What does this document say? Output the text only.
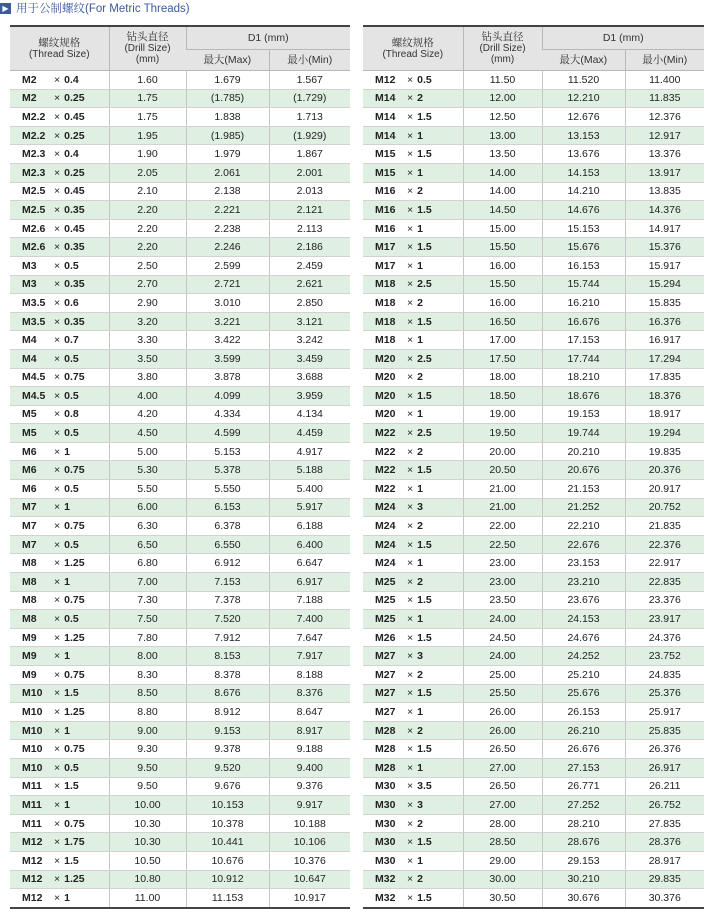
▶ 用于公制螺纹(For Metric Threads)
螺纹规格
(Thread Size)	钻头直径
(Drill Size)
(mm)	D1 (mm)	
		最大(Max)	最小(Min)
M2 × 0.4	1.60	1.679	1.567
M2 × 0.25	1.75	(1.785)	(1.729)
M2.2 × 0.45	1.75	1.838	1.713
M2.2 × 0.25	1.95	(1.985)	(1.929)
M2.3 × 0.4	1.90	1.979	1.867
M2.3 × 0.25	2.05	2.061	2.001
M2.5 × 0.45	2.10	2.138	2.013
M2.5 × 0.35	2.20	2.221	2.121
M2.6 × 0.45	2.20	2.238	2.113
M2.6 × 0.35	2.20	2.246	2.186
M3 × 0.5	2.50	2.599	2.459
M3 × 0.35	2.70	2.721	2.621
M3.5 × 0.6	2.90	3.010	2.850
M3.5 × 0.35	3.20	3.221	3.121
M4 × 0.7	3.30	3.422	3.242
M4 × 0.5	3.50	3.599	3.459
M4.5 × 0.75	3.80	3.878	3.688
M4.5 × 0.5	4.00	4.099	3.959
M5 × 0.8	4.20	4.334	4.134
M5 × 0.5	4.50	4.599	4.459
M6 × 1	5.00	5.153	4.917
M6 × 0.75	5.30	5.378	5.188
M6 × 0.5	5.50	5.550	5.400
M7 × 1	6.00	6.153	5.917
M7 × 0.75	6.30	6.378	6.188
M7 × 0.5	6.50	6.550	6.400
M8 × 1.25	6.80	6.912	6.647
M8 × 1	7.00	7.153	6.917
M8 × 0.75	7.30	7.378	7.188
M8 × 0.5	7.50	7.520	7.400
M9 × 1.25	7.80	7.912	7.647
M9 × 1	8.00	8.153	7.917
M9 × 0.75	8.30	8.378	8.188
M10 × 1.5	8.50	8.676	8.376
M10 × 1.25	8.80	8.912	8.647
M10 × 1	9.00	9.153	8.917
M10 × 0.75	9.30	9.378	9.188
M10 × 0.5	9.50	9.520	9.400
M11 × 1.5	9.50	9.676	9.376
M11 × 1	10.00	10.153	9.917
M11 × 0.75	10.30	10.378	10.188
M12 × 1.75	10.30	10.441	10.106
M12 × 1.5	10.50	10.676	10.376
M12 × 1.25	10.80	10.912	10.647
M12 × 1	11.00	11.153	10.917
螺纹规格
(Thread Size)	钻头直径
(Drill Size)
(mm)	D1 (mm)	
		最大(Max)	最小(Min)
M12 × 0.5	11.50	11.520	11.400
M14 × 2	12.00	12.210	11.835
M14 × 1.5	12.50	12.676	12.376
M14 × 1	13.00	13.153	12.917
M15 × 1.5	13.50	13.676	13.376
M15 × 1	14.00	14.153	13.917
M16 × 2	14.00	14.210	13.835
M16 × 1.5	14.50	14.676	14.376
M16 × 1	15.00	15.153	14.917
M17 × 1.5	15.50	15.676	15.376
M17 × 1	16.00	16.153	15.917
M18 × 2.5	15.50	15.744	15.294
M18 × 2	16.00	16.210	15.835
M18 × 1.5	16.50	16.676	16.376
M18 × 1	17.00	17.153	16.917
M20 × 2.5	17.50	17.744	17.294
M20 × 2	18.00	18.210	17.835
M20 × 1.5	18.50	18.676	18.376
M20 × 1	19.00	19.153	18.917
M22 × 2.5	19.50	19.744	19.294
M22 × 2	20.00	20.210	19.835
M22 × 1.5	20.50	20.676	20.376
M22 × 1	21.00	21.153	20.917
M24 × 3	21.00	21.252	20.752
M24 × 2	22.00	22.210	21.835
M24 × 1.5	22.50	22.676	22.376
M24 × 1	23.00	23.153	22.917
M25 × 2	23.00	23.210	22.835
M25 × 1.5	23.50	23.676	23.376
M25 × 1	24.00	24.153	23.917
M26 × 1.5	24.50	24.676	24.376
M27 × 3	24.00	24.252	23.752
M27 × 2	25.00	25.210	24.835
M27 × 1.5	25.50	25.676	25.376
M27 × 1	26.00	26.153	25.917
M28 × 2	26.00	26.210	25.835
M28 × 1.5	26.50	26.676	26.376
M28 × 1	27.00	27.153	26.917
M30 × 3.5	26.50	26.771	26.211
M30 × 3	27.00	27.252	26.752
M30 × 2	28.00	28.210	27.835
M30 × 1.5	28.50	28.676	28.376
M30 × 1	29.00	29.153	28.917
M32 × 2	30.00	30.210	29.835
M32 × 1.5	30.50	30.676	30.376
